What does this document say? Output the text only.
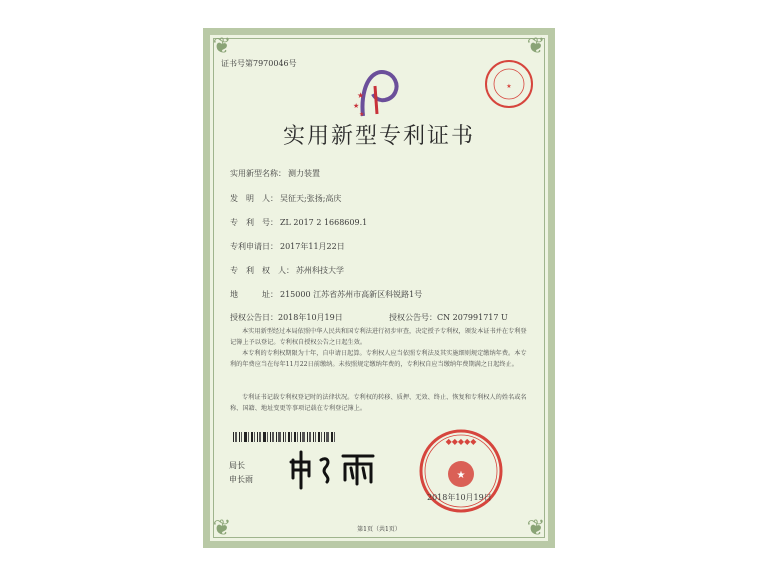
❦	❦
❦	❦
证书号第7970046号
★
★
★
★
实用新型专利证书
实用新型名称： 测力装置
发　明　人： 吴征天;张扬;高庆
专　利　号： ZL 2017 2 1668609.1
专利申请日： 2017年11月22日
专　利　权　人： 苏州科技大学
地　　　址： 215000 江苏省苏州市高新区科锐路1号
授权公告日：2018年10月19日	授权公告号：CN 207991717 U
本实用新型经过本局依照中华人民共和国专利法进行初步审查，决定授予专利权，颁发本证书并在专利登记簿上予以登记。专利权自授权公告之日起生效。
本专利的专利权期限为十年，自申请日起算。专利权人应当依照专利法及其实施细则规定缴纳年费。本专利的年费应当在每年11月22日前缴纳。未按照规定缴纳年费的，专利权自应当缴纳年费期满之日起终止。
专利证书记载专利权登记时的法律状况。专利权的转移、质押、无效、终止、恢复和专利权人的姓名或名称、国籍、地址变更等事项记载在专利登记簿上。
局长
申长雨	★
◆◆◆◆◆
2018年10月19日
第1页（共1页）
